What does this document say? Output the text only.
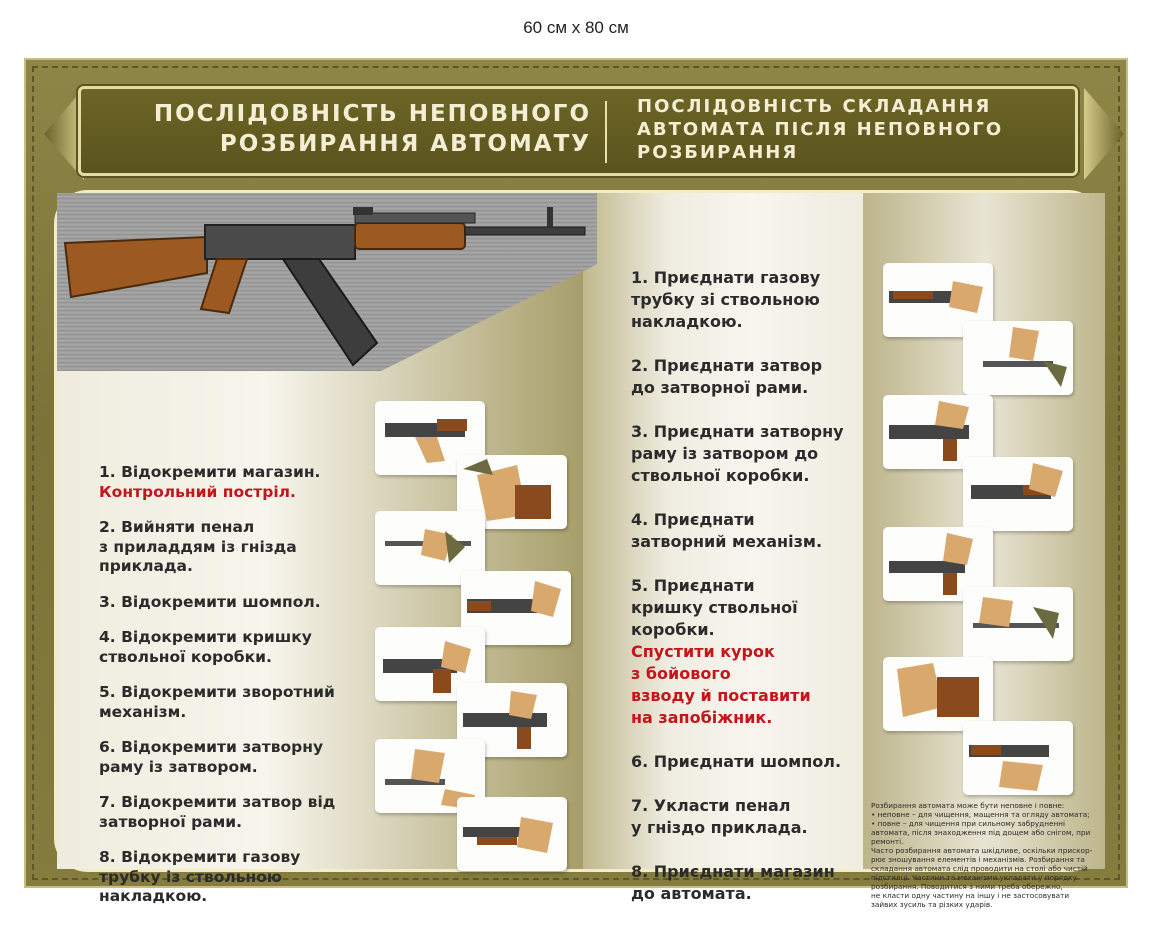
60 см х 80 см
ПОСЛІДОВНІСТЬ НЕПОВНОГО
РОЗБИРАННЯ АВТОМАТУ
ПОСЛІДОВНІСТЬ СКЛАДАННЯ
АВТОМАТА ПІСЛЯ НЕПОВНОГО
РОЗБИРАННЯ
1. Відокремити магазин.
Контрольний постріл.
2. Вийняти пенал
з приладдям із гнізда
приклада.
3. Відокремити шомпол.
4. Відокремити кришку
ствольної коробки.
5. Відокремити зворотний
механізм.
6. Відокремити затворну
раму із затвором.
7. Відокремити затвор від
затворної рами.
8. Відокремити газову
трубку із ствольною
накладкою.
1. Приєднати газову
трубку зі ствольною
накладкою.
2. Приєднати затвор
до затворної рами.
3. Приєднати затворну
раму із затвором до
ствольної коробки.
4. Приєднати
затворний механізм.
5. Приєднати
кришку ствольної
коробки.
Спустити курок
з бойового
взводу й поставити
на запобіжник.
6. Приєднати шомпол.
7. Укласти пенал
у гніздо приклада.
8. Приєднати магазин
до автомата.
Розбирання автомата може бути неповне і повне:
• неповне – для чищення, мащення та огляду автомата;
• повне – для чищення при сильному забрудненні
автомата, після знаходження під дощем або снігом, при
ремонті.
Часто розбирання автомата шкідливе, оскільки прискор-
рює зношування елементів і механізмів. Розбирання та
складання автомата слід проводити на столі або чистій
підстилці. Частини та механізми укладати у порядку
розбирання. Поводитися з ними треба обережно,
не класти одну частину на іншу і не застосовувати
зайвих зусиль та різких ударів.
